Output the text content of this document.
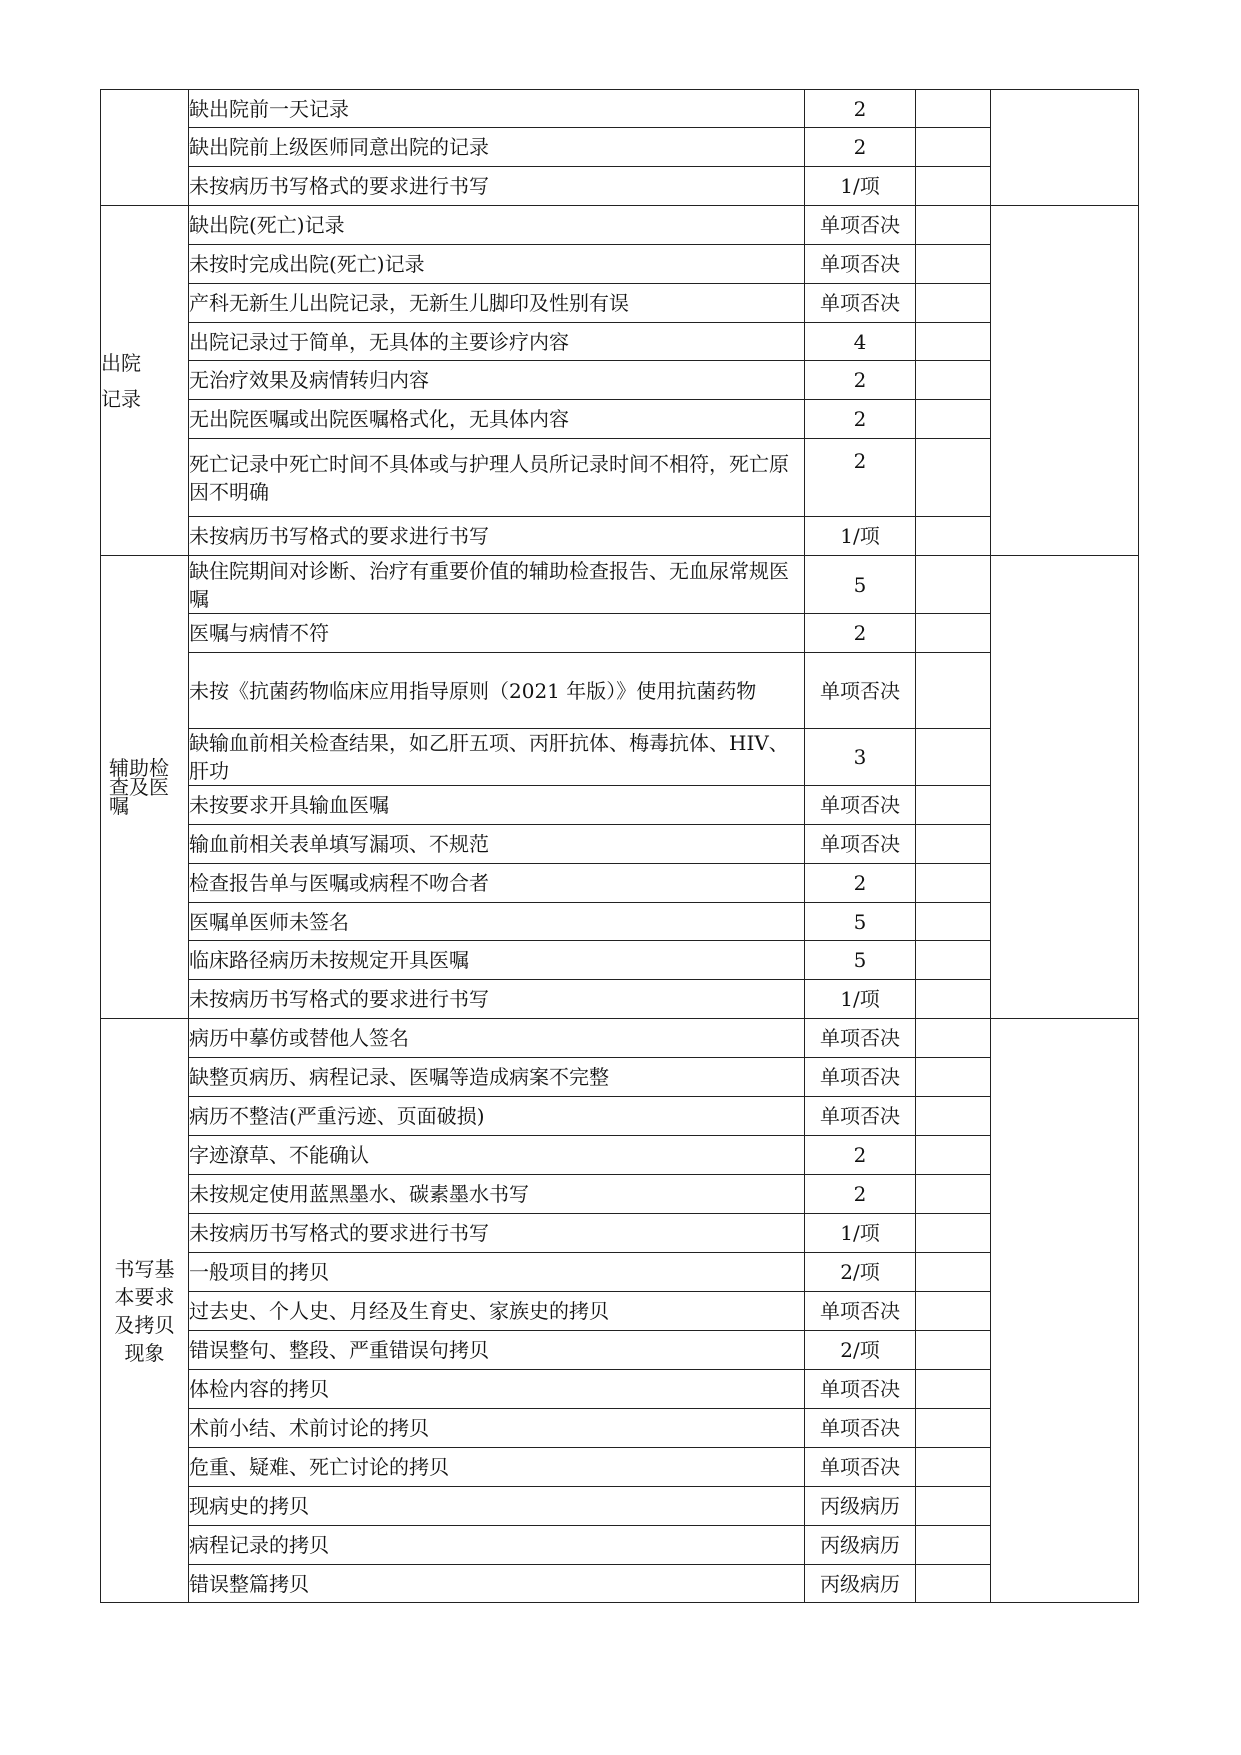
	缺出院前一天记录	2		
	缺出院前上级医师同意出院的记录	2		
	未按病历书写格式的要求进行书写	1/项		
出院
记录	缺出院(死亡)记录	单项否决		
	未按时完成出院(死亡)记录	单项否决		
	产科无新生儿出院记录，无新生儿脚印及性别有误	单项否决		
	出院记录过于简单，无具体的主要诊疗内容	4		
	无治疗效果及病情转归内容	2		
	无出院医嘱或出院医嘱格式化，无具体内容	2		
	死亡记录中死亡时间不具体或与护理人员所记录时间不相符，死亡原因不明确	2		
	未按病历书写格式的要求进行书写	1/项		
辅助检查及医嘱	缺住院期间对诊断、治疗有重要价值的辅助检查报告、无血尿常规医嘱	5		
	医嘱与病情不符	2		
	未按《抗菌药物临床应用指导原则（2021 年版）》使用抗菌药物	单项否决		
	缺输血前相关检查结果，如乙肝五项、丙肝抗体、梅毒抗体、HIV、肝功	3		
	未按要求开具输血医嘱	单项否决		
	输血前相关表单填写漏项、不规范	单项否决		
	检查报告单与医嘱或病程不吻合者	2		
	医嘱单医师未签名	5		
	临床路径病历未按规定开具医嘱	5		
	未按病历书写格式的要求进行书写	1/项		
书写基
本要求
及拷贝
现象	病历中摹仿或替他人签名	单项否决		
	缺整页病历、病程记录、医嘱等造成病案不完整	单项否决		
	病历不整洁(严重污迹、页面破损)	单项否决		
	字迹潦草、不能确认	2		
	未按规定使用蓝黑墨水、碳素墨水书写	2		
	未按病历书写格式的要求进行书写	1/项		
	一般项目的拷贝	2/项		
	过去史、个人史、月经及生育史、家族史的拷贝	单项否决		
	错误整句、整段、严重错误句拷贝	2/项		
	体检内容的拷贝	单项否决		
	术前小结、术前讨论的拷贝	单项否决		
	危重、疑难、死亡讨论的拷贝	单项否决		
	现病史的拷贝	丙级病历		
	病程记录的拷贝	丙级病历		
	错误整篇拷贝	丙级病历		
